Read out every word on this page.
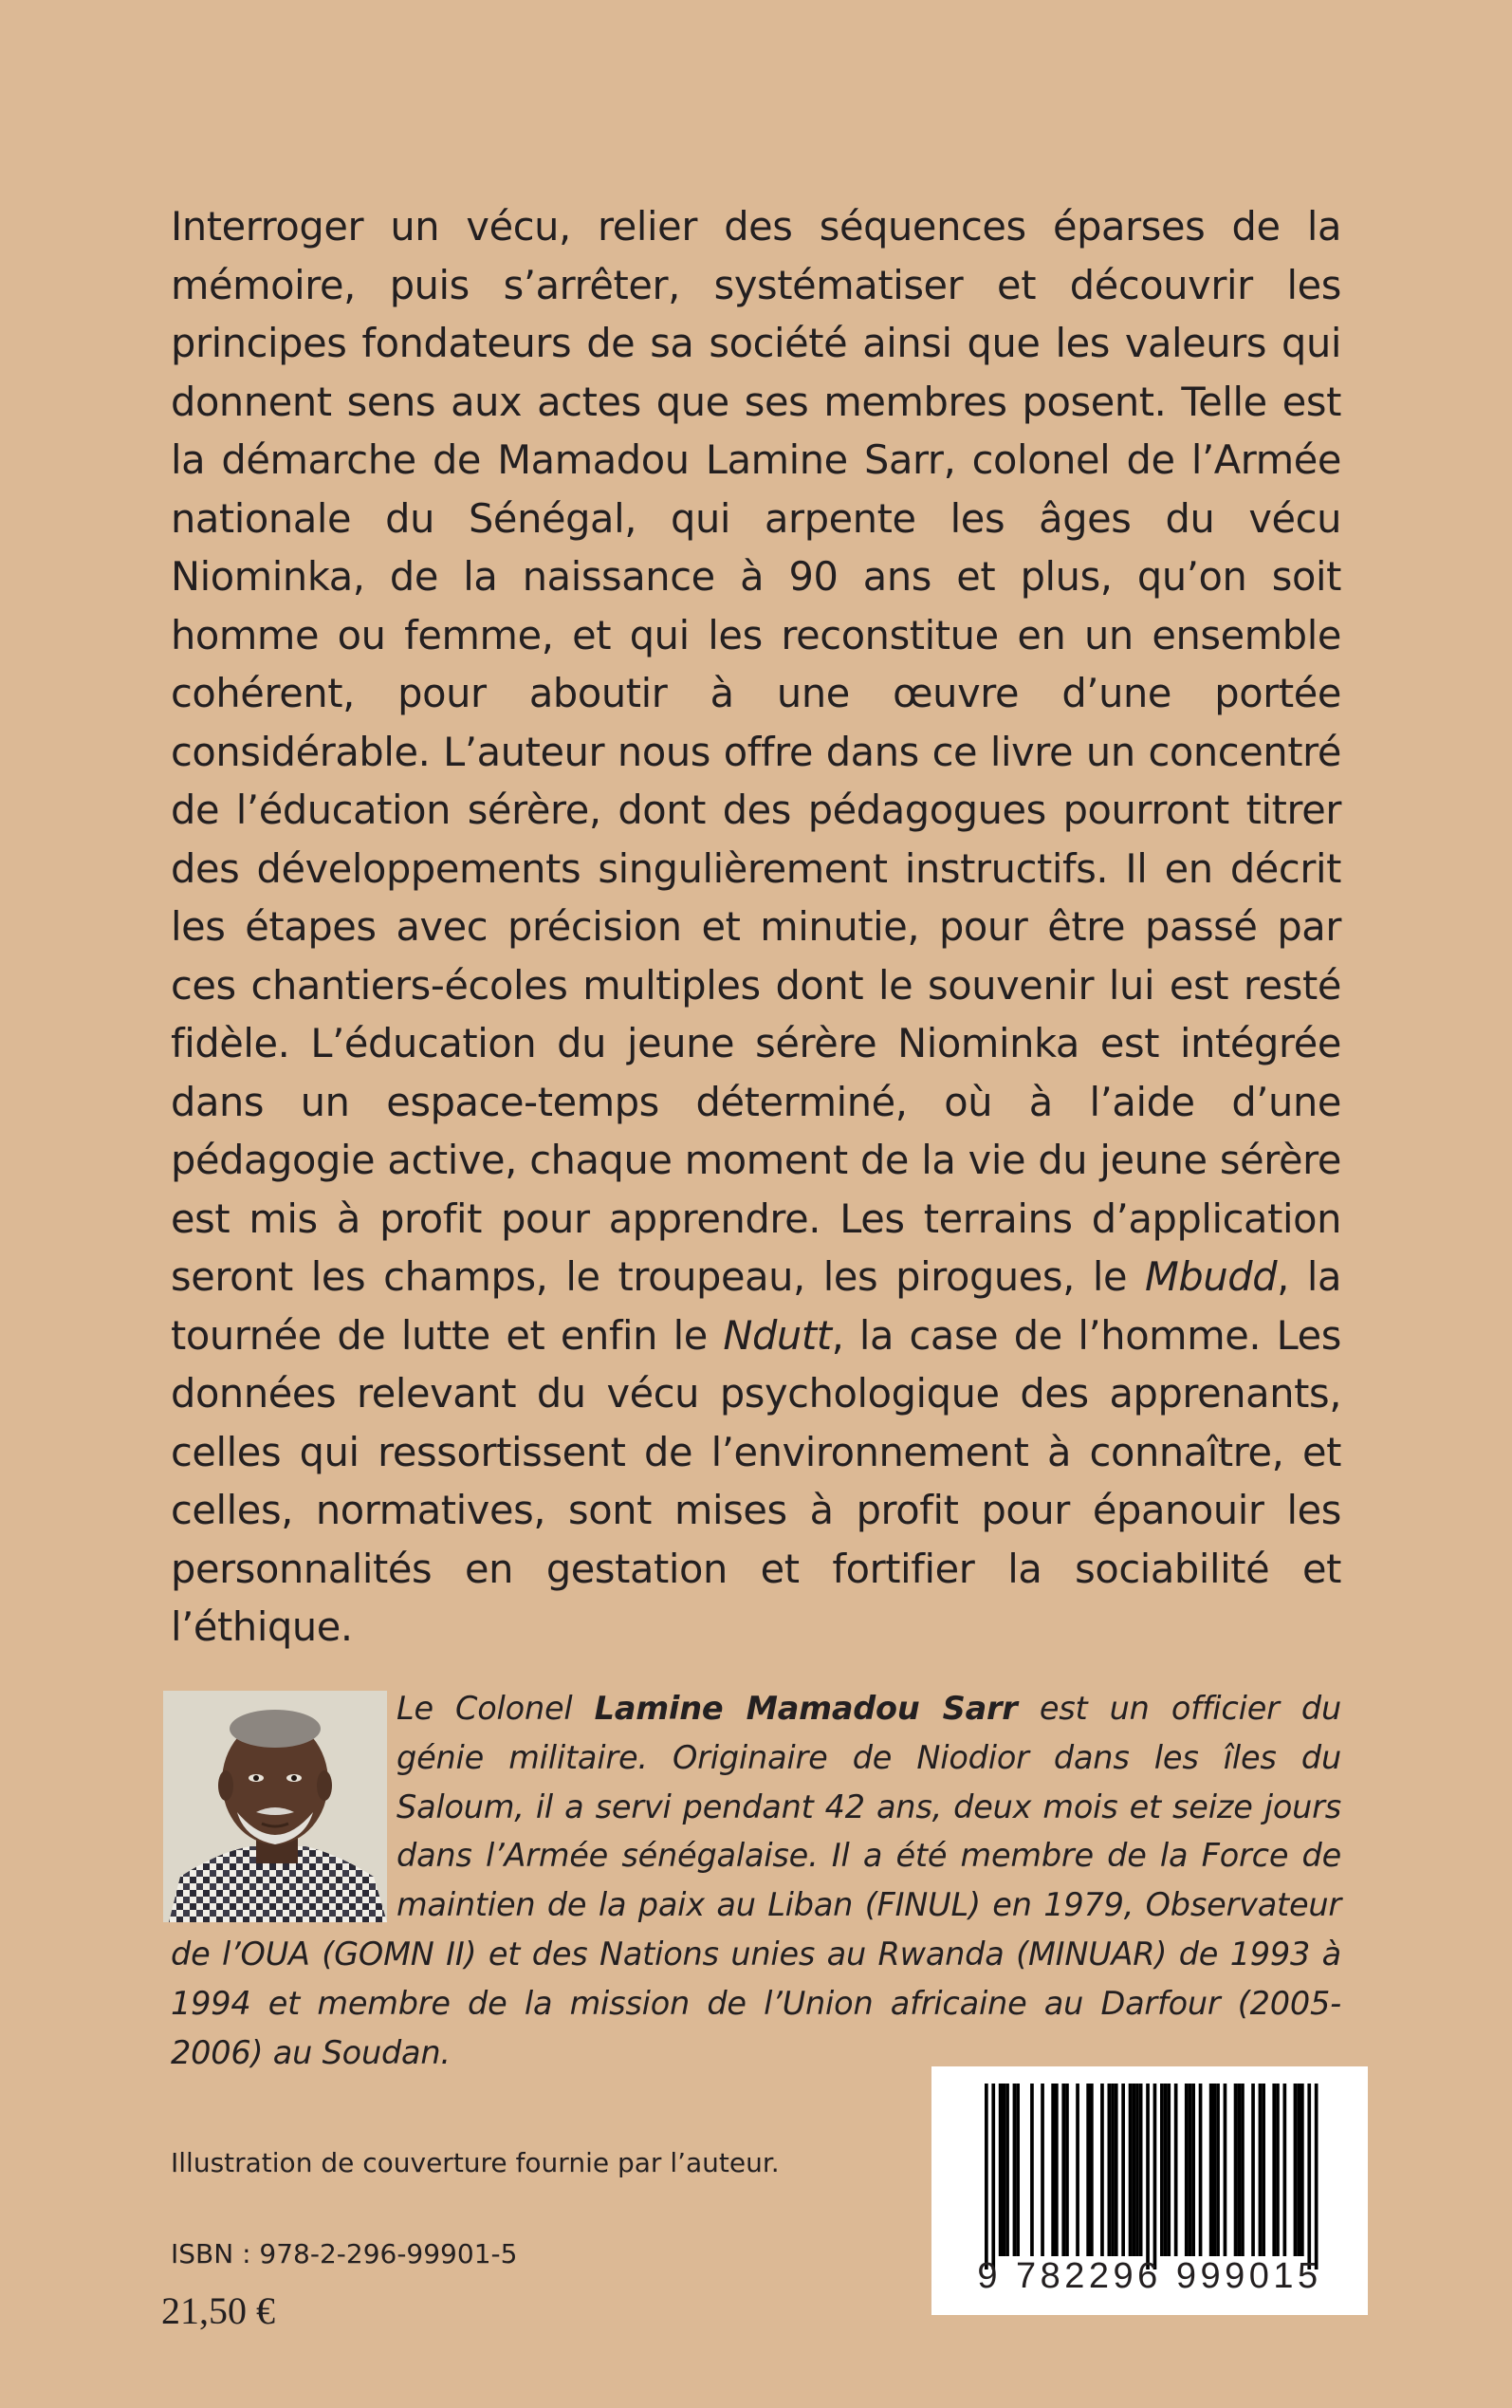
Interroger un vécu, relier des séquences éparses de la mémoire, puis s’arrêter, systématiser et découvrir les principes fondateurs de sa société ainsi que les valeurs qui donnent sens aux actes que ses membres posent. Telle est la démarche de Mamadou Lamine Sarr, colonel de l’Armée nationale du Sénégal, qui arpente les âges du vécu Niominka, de la naissance à 90 ans et plus, qu’on soit homme ou femme, et qui les reconstitue en un ensemble cohérent, pour aboutir à une œuvre d’une portée considérable. L’auteur nous offre dans ce livre un concentré de l’éducation sérère, dont des pédagogues pourront titrer des développements singulièrement instructifs. Il en décrit les étapes avec précision et minutie, pour être passé par ces chantiers-écoles multiples dont le souvenir lui est resté fidèle. L’éducation du jeune sérère Niominka est intégrée dans un espace-temps déterminé, où à l’aide d’une pédagogie active, chaque moment de la vie du jeune sérère est mis à profit pour apprendre. Les terrains d’application seront les champs, le troupeau, les pirogues, le Mbudd, la tournée de lutte et enfin le Ndutt, la case de l’homme. Les données relevant du vécu psychologique des apprenants, celles qui ressortissent de l’environnement à connaître, et celles, normatives, sont mises à profit pour épanouir les personnalités en gestation et fortifier la sociabilité et l’éthique.

Le Colonel Lamine Mamadou Sarr est un officier du génie militaire. Originaire de Niodior dans les îles du Saloum, il a servi pendant 42 ans, deux mois et seize jours dans l’Armée sénégalaise. Il a été membre de la Force de maintien de la paix au Liban (FINUL) en 1979, Observateur de l’OUA (GOMN II) et des Nations unies au Rwanda (MINUAR) de 1993 à 1994 et membre de la mission de l’Union africaine au Darfour (2005-2006) au Soudan.

Illustration de couverture fournie par l’auteur.

ISBN : 978-2-296-99901-5

21,50 €

9 782296 999015
